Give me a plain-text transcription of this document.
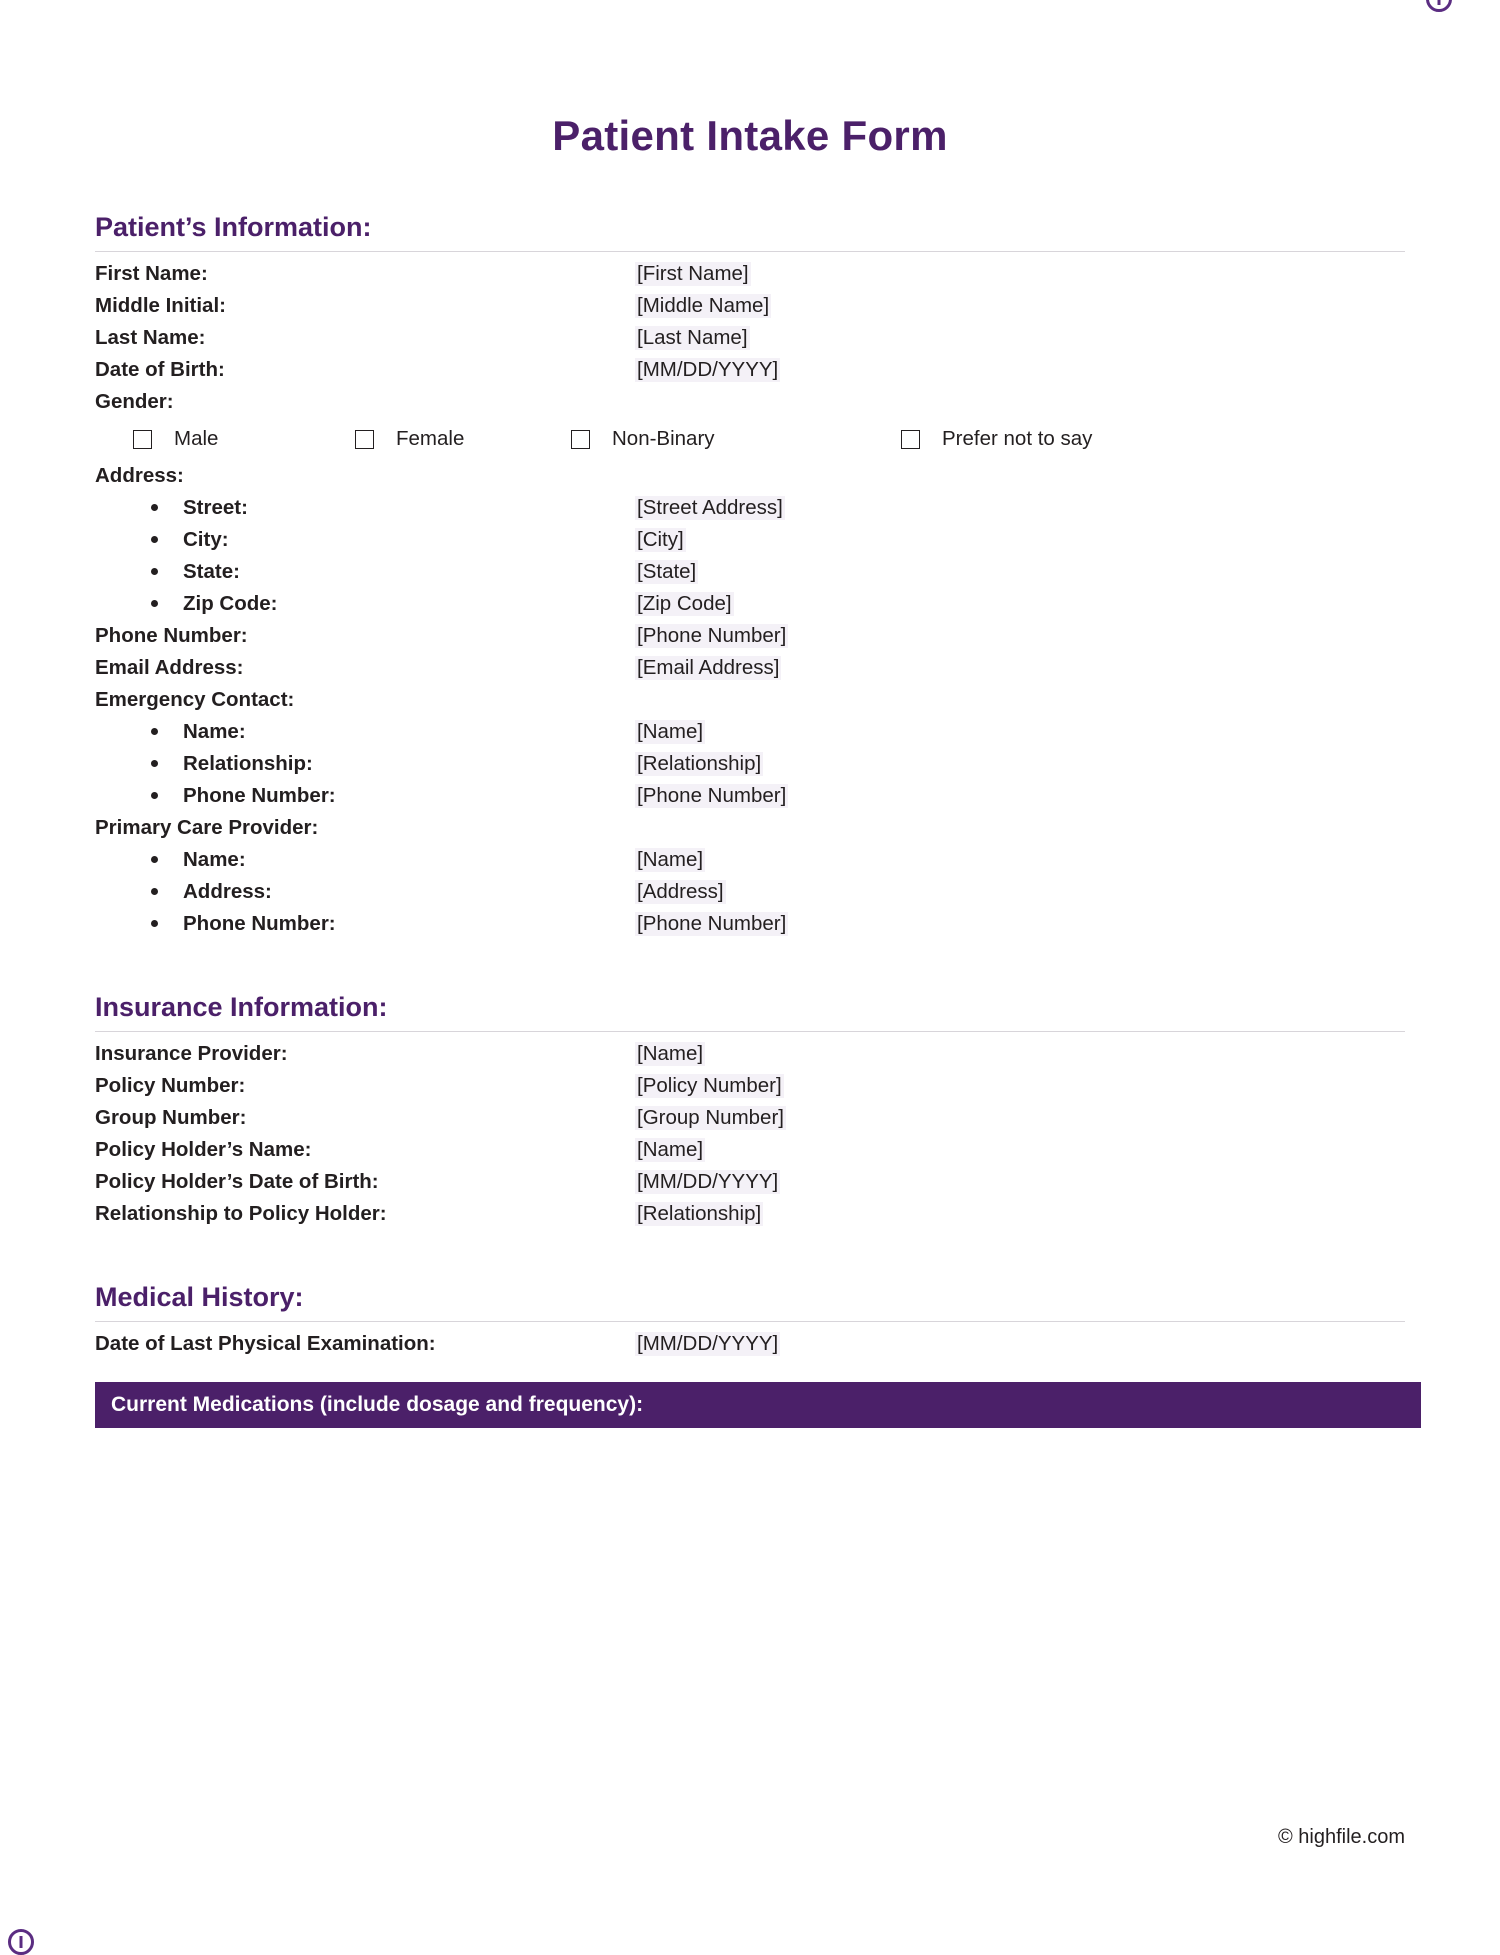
Patient Intake Form
Patient’s Information:
First Name:	[First Name]
Middle Initial:	[Middle Name]
Last Name:	[Last Name]
Date of Birth:	[MM/DD/YYYY]
Gender:
Male	Female	Non-Binary	Prefer not to say
Address:
Street:	[Street Address]
City:	[City]
State:	[State]
Zip Code:	[Zip Code]
Phone Number:	[Phone Number]
Email Address:	[Email Address]
Emergency Contact:
Name:	[Name]
Relationship:	[Relationship]
Phone Number:	[Phone Number]
Primary Care Provider:
Name:	[Name]
Address:	[Address]
Phone Number:	[Phone Number]
Insurance Information:
Insurance Provider:	[Name]
Policy Number:	[Policy Number]
Group Number:	[Group Number]
Policy Holder’s Name:	[Name]
Policy Holder’s Date of Birth:	[MM/DD/YYYY]
Relationship to Policy Holder:	[Relationship]
Medical History:
Date of Last Physical Examination:	[MM/DD/YYYY]
Current Medications (include dosage and frequency):
© highfile.com
